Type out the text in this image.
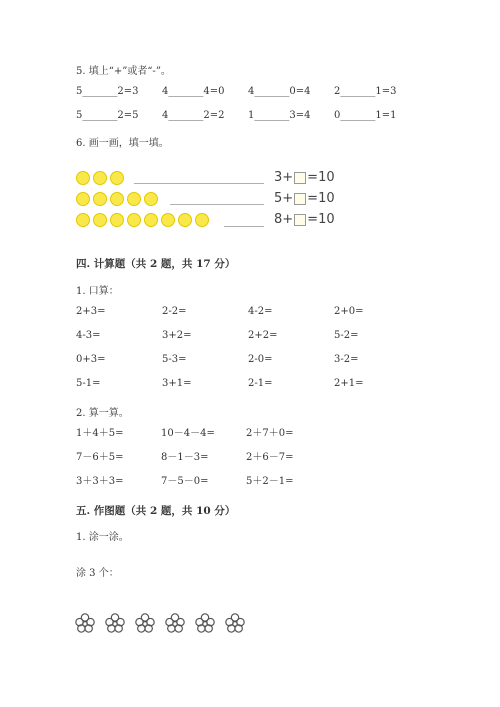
5. 填上“+”或者“-”。
5_______2=3	4_______4=0	4_______0=4	2_______1=3
5_______2=5	4_______2=2	1_______3=4	0_______1=1
6. 画一画，填一填。
3+ =10
5+ =10
8+ =10
四. 计算题（共 2 题，共 17 分）
1. 口算：
2+3=	2-2=	4-2=	2+0=
4-3=	3+2=	2+2=	5-2=
0+3=	5-3=	2-0=	3-2=
5-1=	3+1=	2-1=	2+1=
2. 算一算。
1＋4＋5=	10－4－4=	2＋7＋0=
7－6＋5=	8－1－3=	2＋6－7=
3＋3＋3=	7－5－0=	5＋2－1=
五. 作图题（共 2 题，共 10 分）
1. 涂一涂。
涂 3 个：
